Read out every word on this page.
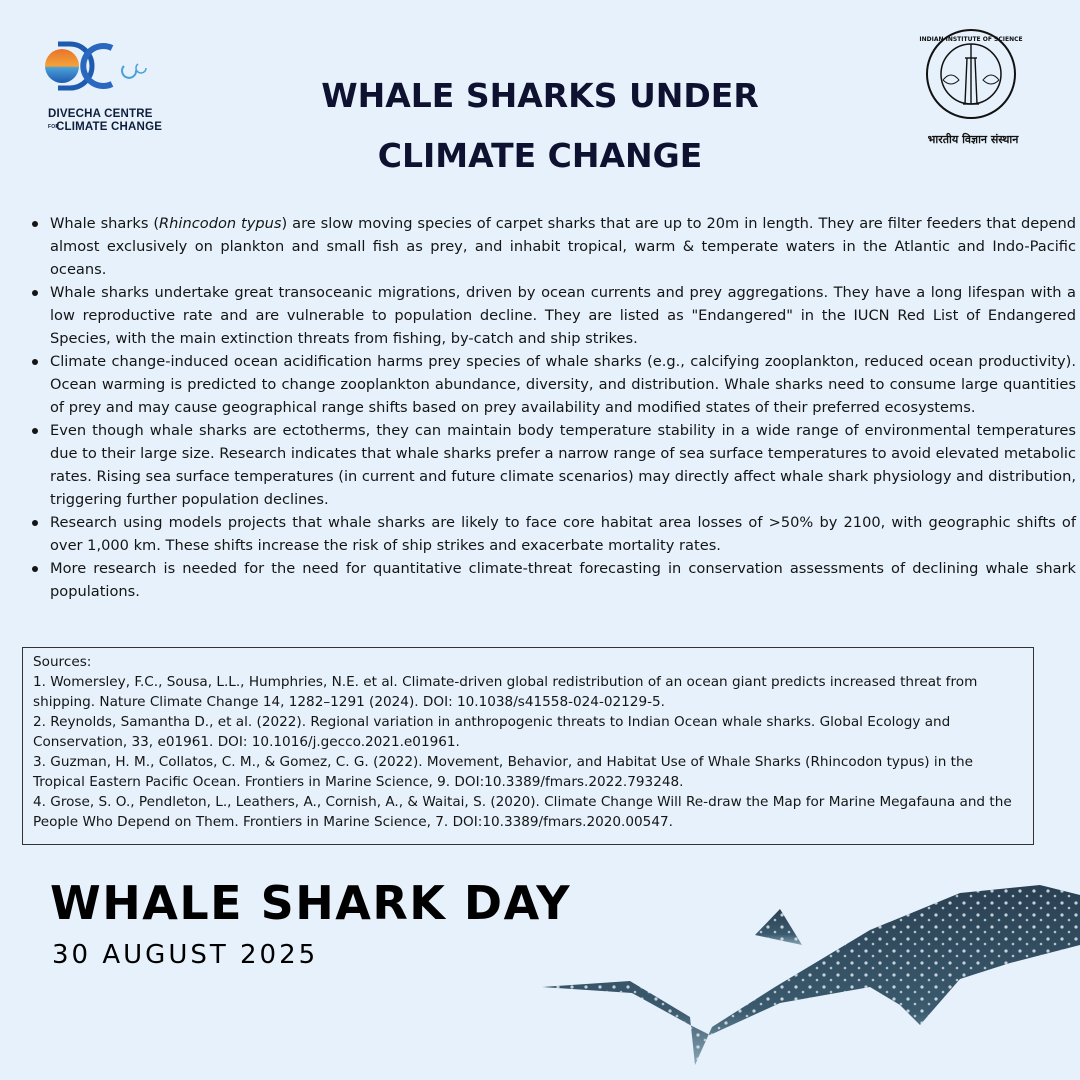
DIVECHA CENTRE
FORCLIMATE CHANGE
INDIAN INSTITUTE OF SCIENCE
भारतीय विज्ञान संस्थान
WHALE SHARKS UNDER
CLIMATE CHANGE
Whale sharks (Rhincodon typus) are slow moving species of carpet sharks that are up to 20m in length. They are filter feeders that depend almost exclusively on plankton and small fish as prey, and inhabit tropical, warm & temperate waters in the Atlantic and Indo-Pacific oceans.
Whale sharks undertake great transoceanic migrations, driven by ocean currents and prey aggregations. They have a long lifespan with a low reproductive rate and are vulnerable to population decline. They are listed as "Endangered" in the IUCN Red List of Endangered Species, with the main extinction threats from fishing, by-catch and ship strikes.
Climate change-induced ocean acidification harms prey species of whale sharks (e.g., calcifying zooplankton, reduced ocean productivity). Ocean warming is predicted to change zooplankton abundance, diversity, and distribution. Whale sharks need to consume large quantities of prey and may cause geographical range shifts based on prey availability and modified states of their preferred ecosystems.
Even though whale sharks are ectotherms, they can maintain body temperature stability in a wide range of environmental temperatures due to their large size. Research indicates that whale sharks prefer a narrow range of sea surface temperatures to avoid elevated metabolic rates. Rising sea surface temperatures (in current and future climate scenarios) may directly affect whale shark physiology and distribution, triggering further population declines.
Research using models projects that whale sharks are likely to face core habitat area losses of >50% by 2100, with geographic shifts of over 1,000 km. These shifts increase the risk of ship strikes and exacerbate mortality rates.
More research is needed for the need for quantitative climate-threat forecasting in conservation assessments of declining whale shark populations.

Sources:

1. Womersley, F.C., Sousa, L.L., Humphries, N.E. et al. Climate-driven global redistribution of an ocean giant predicts increased threat from shipping. Nature Climate Change 14, 1282–1291 (2024). DOI: 10.1038/s41558-024-02129-5.

2. Reynolds, Samantha D., et al. (2022). Regional variation in anthropogenic threats to Indian Ocean whale sharks. Global Ecology and Conservation, 33, e01961. DOI: 10.1016/j.gecco.2021.e01961.

3. Guzman, H. M., Collatos, C. M., & Gomez, C. G. (2022). Movement, Behavior, and Habitat Use of Whale Sharks (Rhincodon typus) in the Tropical Eastern Pacific Ocean. Frontiers in Marine Science, 9. DOI:10.3389/fmars.2022.793248.

4. Grose, S. O., Pendleton, L., Leathers, A., Cornish, A., & Waitai, S. (2020). Climate Change Will Re-draw the Map for Marine Megafauna and the People Who Depend on Them. Frontiers in Marine Science, 7. DOI:10.3389/fmars.2020.00547.

WHALE SHARK DAY

30 AUGUST 2025
